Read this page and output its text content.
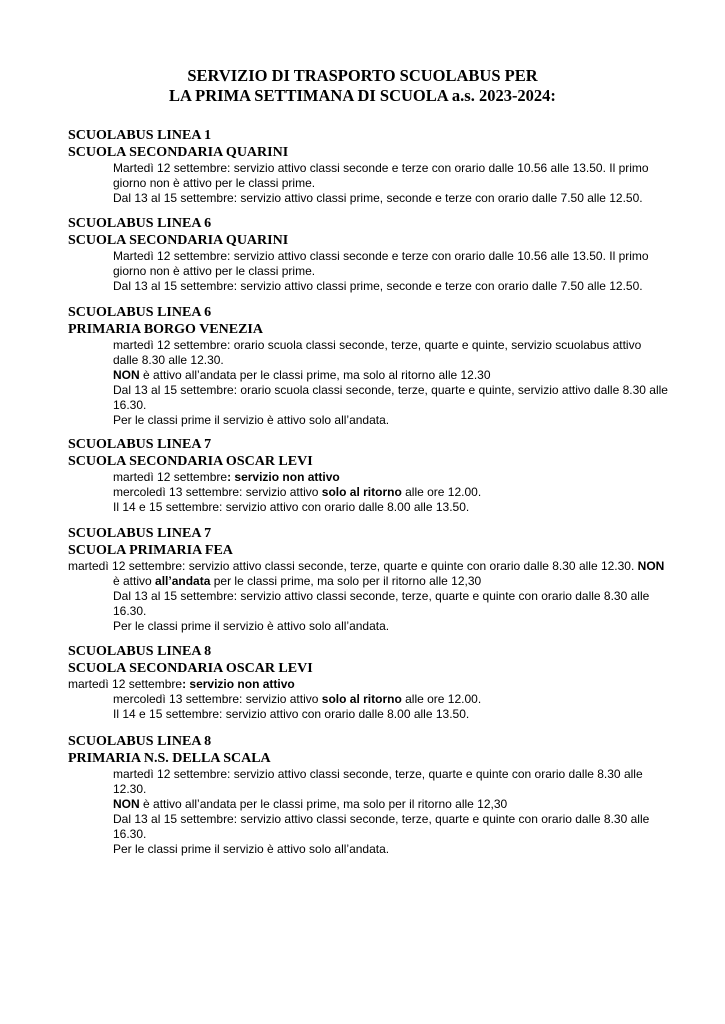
SERVIZIO DI TRASPORTO SCUOLABUS PER
LA PRIMA SETTIMANA DI SCUOLA a.s. 2023-2024:
SCUOLABUS LINEA 1
SCUOLA SECONDARIA QUARINI

Martedì 12 settembre: servizio attivo classi seconde e terze con orario dalle 10.56 alle 13.50. Il primo giorno non è attivo per le classi prime.

Dal 13 al 15 settembre: servizio attivo classi prime, seconde e terze con orario dalle 7.50 alle 12.50.

SCUOLABUS LINEA 6
SCUOLA SECONDARIA QUARINI

Martedì 12 settembre: servizio attivo classi seconde e terze con orario dalle 10.56 alle 13.50. Il primo giorno non è attivo per le classi prime.

Dal 13 al 15 settembre: servizio attivo classi prime, seconde e terze con orario dalle 7.50 alle 12.50.

SCUOLABUS LINEA 6
PRIMARIA BORGO VENEZIA

martedì 12 settembre: orario scuola classi seconde, terze, quarte e quinte, servizio scuolabus attivo dalle 8.30 alle 12.30.

NON è attivo all’andata per le classi prime, ma solo al ritorno alle 12.30

Dal 13 al 15 settembre: orario scuola classi seconde, terze, quarte e quinte, servizio attivo dalle 8.30 alle 16.30.

Per le classi prime il servizio è attivo solo all’andata.

SCUOLABUS LINEA 7
SCUOLA SECONDARIA OSCAR LEVI

martedì 12 settembre: servizio non attivo

mercoledì 13 settembre: servizio attivo solo al ritorno alle ore 12.00.

Il 14 e 15 settembre: servizio attivo con orario dalle 8.00 alle 13.50.

SCUOLABUS LINEA 7
SCUOLA PRIMARIA FEA

martedì 12 settembre: servizio attivo classi seconde, terze, quarte e quinte con orario dalle 8.30 alle 12.30. NON è attivo all’andata per le classi prime, ma solo per il ritorno alle 12,30

Dal 13 al 15 settembre: servizio attivo classi seconde, terze, quarte e quinte con orario dalle 8.30 alle 16.30.

Per le classi prime il servizio è attivo solo all’andata.

SCUOLABUS LINEA 8
SCUOLA SECONDARIA OSCAR LEVI

martedì 12 settembre: servizio non attivo

mercoledì 13 settembre: servizio attivo solo al ritorno alle ore 12.00.

Il 14 e 15 settembre: servizio attivo con orario dalle 8.00 alle 13.50.

SCUOLABUS LINEA 8
PRIMARIA N.S. DELLA SCALA

martedì 12 settembre: servizio attivo classi seconde, terze, quarte e quinte con orario dalle 8.30 alle 12.30.

NON è attivo all’andata per le classi prime, ma solo per il ritorno alle 12,30

Dal 13 al 15 settembre: servizio attivo classi seconde, terze, quarte e quinte con orario dalle 8.30 alle 16.30.

Per le classi prime il servizio è attivo solo all’andata.
